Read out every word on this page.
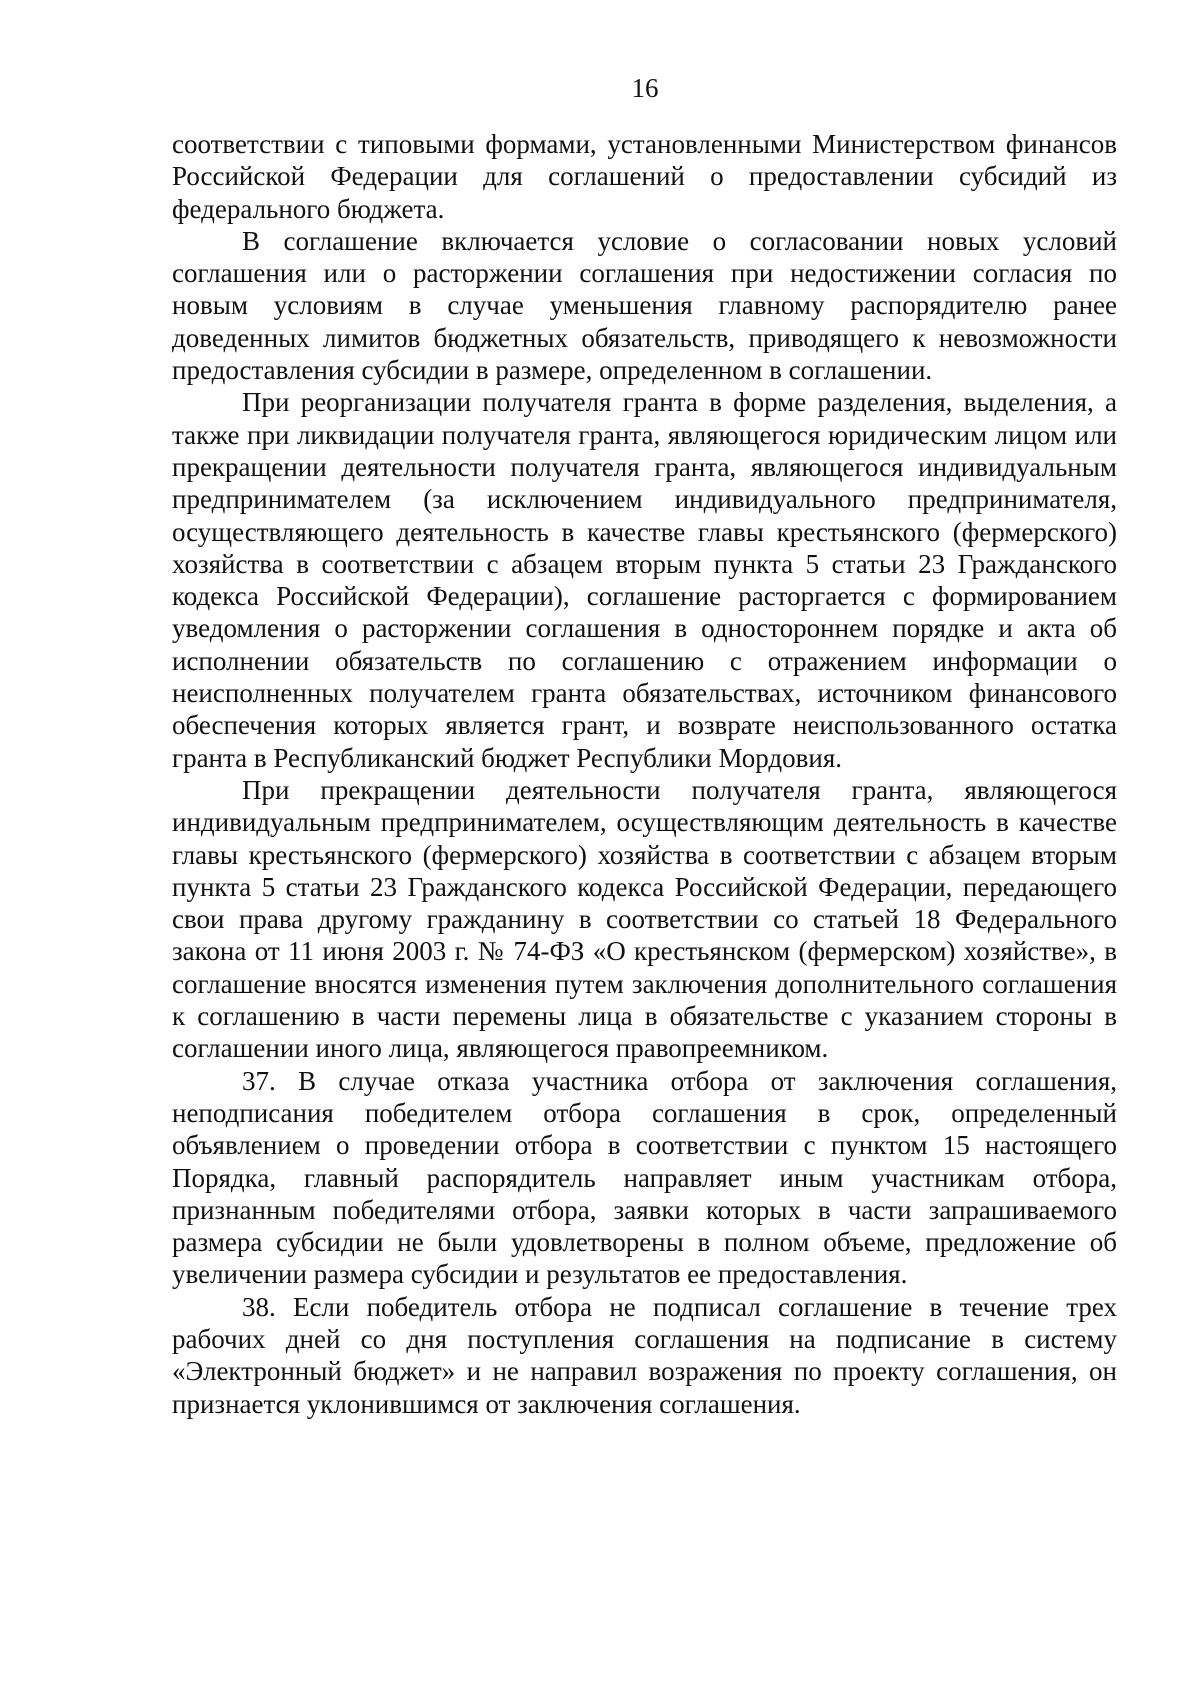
16

соответствии с типовыми формами, установленными Министерством финансов Российской Федерации для соглашений о предоставлении субсидий из федерального бюджета.

В соглашение включается условие о согласовании новых условий соглашения или о расторжении соглашения при недостижении согласия по новым условиям в случае уменьшения главному распорядителю ранее доведенных лимитов бюджетных обязательств, приводящего к невозможности предоставления субсидии в размере, определенном в соглашении.

При реорганизации получателя гранта в форме разделения, выделения, а также при ликвидации получателя гранта, являющегося юридическим лицом или прекращении деятельности получателя гранта, являющегося индивидуальным предпринимателем (за исключением индивидуального предпринимателя, осуществляющего деятельность в качестве главы крестьянского (фермерского) хозяйства в соответствии с абзацем вторым пункта 5 статьи 23 Гражданского кодекса Российской Федерации), соглашение расторгается с формированием уведомления о расторжении соглашения в одностороннем порядке и акта об исполнении обязательств по соглашению с отражением информации о неисполненных получателем гранта обязательствах, источником финансового обеспечения которых является грант, и возврате неиспользованного остатка гранта в Республиканский бюджет Республики Мордовия.

При прекращении деятельности получателя гранта, являющегося индивидуальным предпринимателем, осуществляющим деятельность в качестве главы крестьянского (фермерского) хозяйства в соответствии с абзацем вторым пункта 5 статьи 23 Гражданского кодекса Российской Федерации, передающего свои права другому гражданину в соответствии со статьей 18 Федерального закона от 11 июня 2003 г. № 74-ФЗ «О крестьянском (фермерском) хозяйстве», в соглашение вносятся изменения путем заключения дополнительного соглашения к соглашению в части перемены лица в обязательстве с указанием стороны в соглашении иного лица, являющегося правопреемником.

37. В случае отказа участника отбора от заключения соглашения, неподписания победителем отбора соглашения в срок, определенный объявлением о проведении отбора в соответствии с пунктом 15 настоящего Порядка, главный распорядитель направляет иным участникам отбора, признанным победителями отбора, заявки которых в части запрашиваемого размера субсидии не были удовлетворены в полном объеме, предложение об увеличении размера субсидии и результатов ее предоставления.

38. Если победитель отбора не подписал соглашение в течение трех рабочих дней со дня поступления соглашения на подписание в систему «Электронный бюджет» и не направил возражения по проекту соглашения, он признается уклонившимся от заключения соглашения.
